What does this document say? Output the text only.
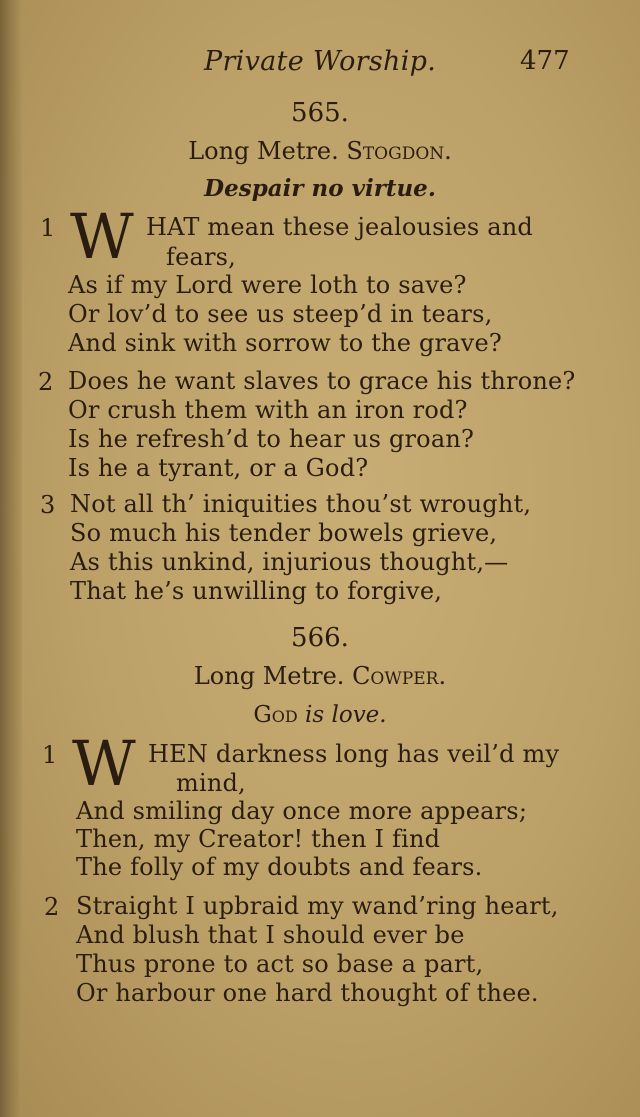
Private Worship.	477
565.
Long Metre. Stogdon.
Despair no virtue.
1 W HAT mean these jealousies and
fears,
As if my Lord were loth to save?
Or lov’d to see us steep’d in tears,
And sink with sorrow to the grave?
2 Does he want slaves to grace his throne?
Or crush them with an iron rod?
Is he refresh’d to hear us groan?
Is he a tyrant, or a God?
3 Not all th’ iniquities thou’st wrought,
So much his tender bowels grieve,
As this unkind, injurious thought,—
That he’s unwilling to forgive,
566.
Long Metre. Cowper.
God is love.
1 W HEN darkness long has veil’d my
mind,
And smiling day once more appears;
Then, my Creator! then I find
The folly of my doubts and fears.
2 Straight I upbraid my wand’ring heart,
And blush that I should ever be
Thus prone to act so base a part,
Or harbour one hard thought of thee.
